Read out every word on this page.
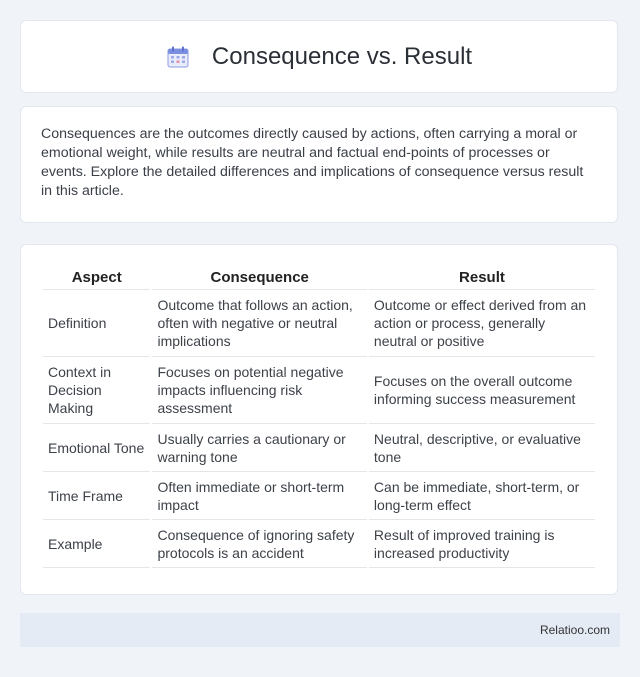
Consequence vs. Result

Consequences are the outcomes directly caused by actions, often carrying a moral or emotional weight, while results are neutral and factual end-points of processes or events. Explore the detailed differences and implications of consequence versus result in this article.

Aspect	Consequence	Result
Definition	Outcome that follows an action, often with negative or neutral implications	Outcome or effect derived from an action or process, generally neutral or positive
Context in Decision Making	Focuses on potential negative impacts influencing risk assessment	Focuses on the overall outcome informing success measurement
Emotional Tone	Usually carries a cautionary or warning tone	Neutral, descriptive, or evaluative tone
Time Frame	Often immediate or short-term impact	Can be immediate, short-term, or long-term effect
Example	Consequence of ignoring safety protocols is an accident	Result of improved training is increased productivity
Relatioo.com
